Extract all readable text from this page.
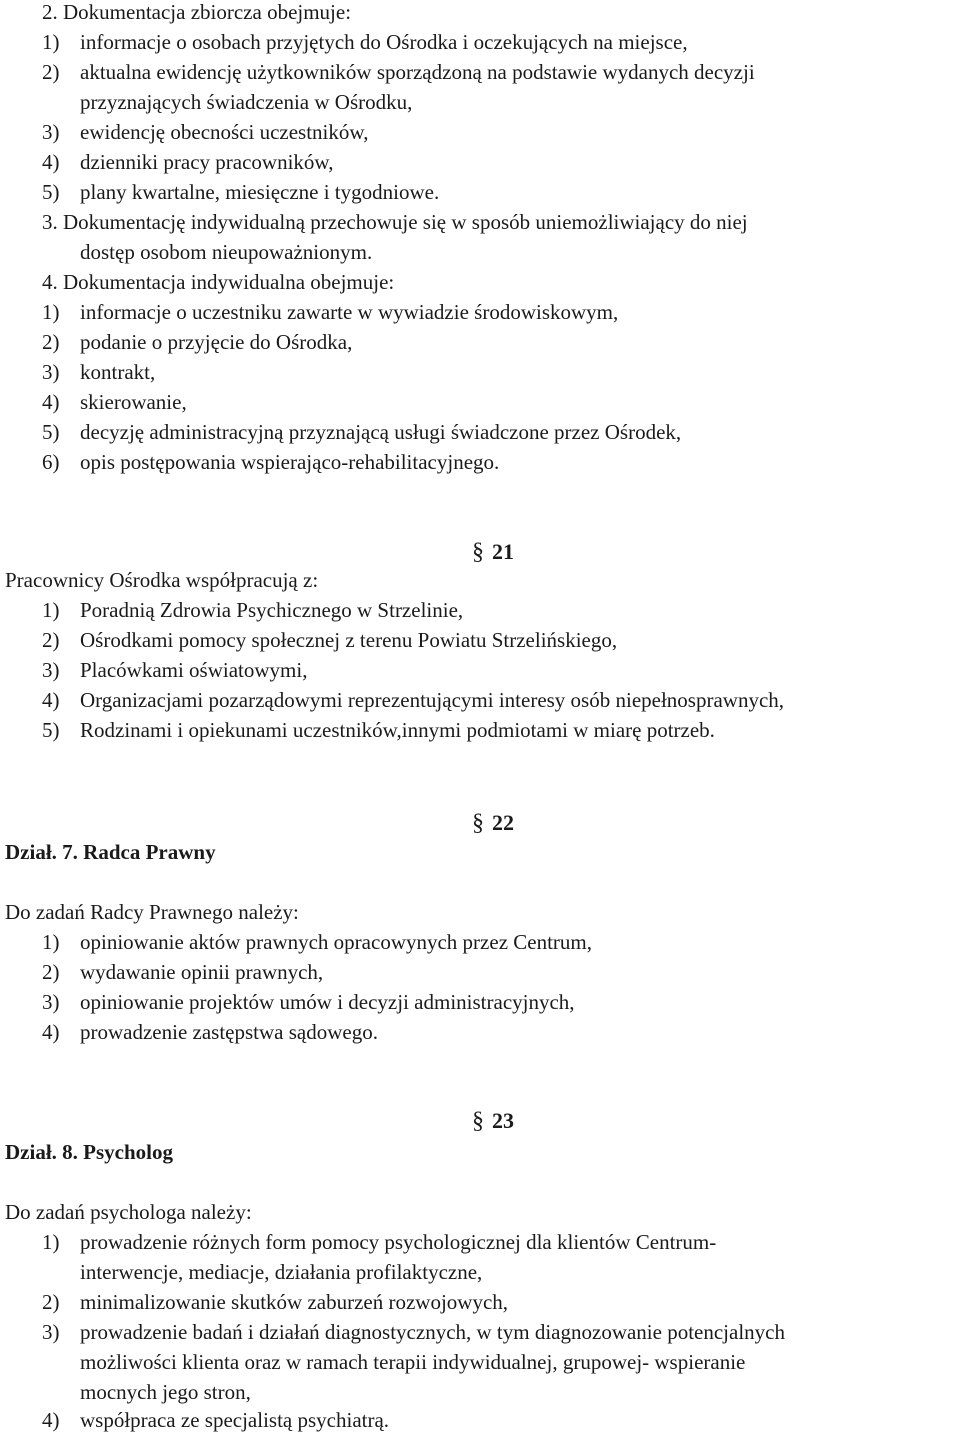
2. Dokumentacja zbiorcza obejmuje:
1) informacje o osobach przyjętych do Ośrodka i oczekujących na miejsce,
2) aktualna ewidencję użytkowników sporządzoną na podstawie wydanych decyzji
przyznających świadczenia w Ośrodku,
3) ewidencję obecności uczestników,
4) dzienniki pracy pracowników,
5) plany kwartalne, miesięczne i tygodniowe.
3. Dokumentację indywidualną przechowuje się w sposób uniemożliwiający do niej
dostęp osobom nieupoważnionym.
4. Dokumentacja indywidualna obejmuje:
1) informacje o uczestniku zawarte w wywiadzie środowiskowym,
2) podanie o przyjęcie do Ośrodka,
3) kontrakt,
4) skierowanie,
5) decyzję administracyjną przyznającą usługi świadczone przez Ośrodek,
6) opis postępowania wspierająco-rehabilitacyjnego.
§ 21
Pracownicy Ośrodka współpracują z:
1) Poradnią Zdrowia Psychicznego w Strzelinie,
2) Ośrodkami pomocy społecznej z terenu Powiatu Strzelińskiego,
3) Placówkami oświatowymi,
4) Organizacjami pozarządowymi reprezentującymi interesy osób niepełnosprawnych,
5) Rodzinami i opiekunami uczestników,innymi podmiotami w miarę potrzeb.
§ 22
Dział. 7. Radca Prawny
Do zadań Radcy Prawnego należy:
1) opiniowanie aktów prawnych opracowynych przez Centrum,
2) wydawanie opinii prawnych,
3) opiniowanie projektów umów i decyzji administracyjnych,
4) prowadzenie zastępstwa sądowego.
§ 23
Dział. 8. Psycholog
Do zadań psychologa należy:
1) prowadzenie różnych form pomocy psychologicznej dla klientów Centrum-
interwencje, mediacje, działania profilaktyczne,
2) minimalizowanie skutków zaburzeń rozwojowych,
3) prowadzenie badań i działań diagnostycznych, w tym diagnozowanie potencjalnych
możliwości klienta oraz w ramach terapii indywidualnej, grupowej- wspieranie
mocnych jego stron,
4) współpraca ze specjalistą psychiatrą.
